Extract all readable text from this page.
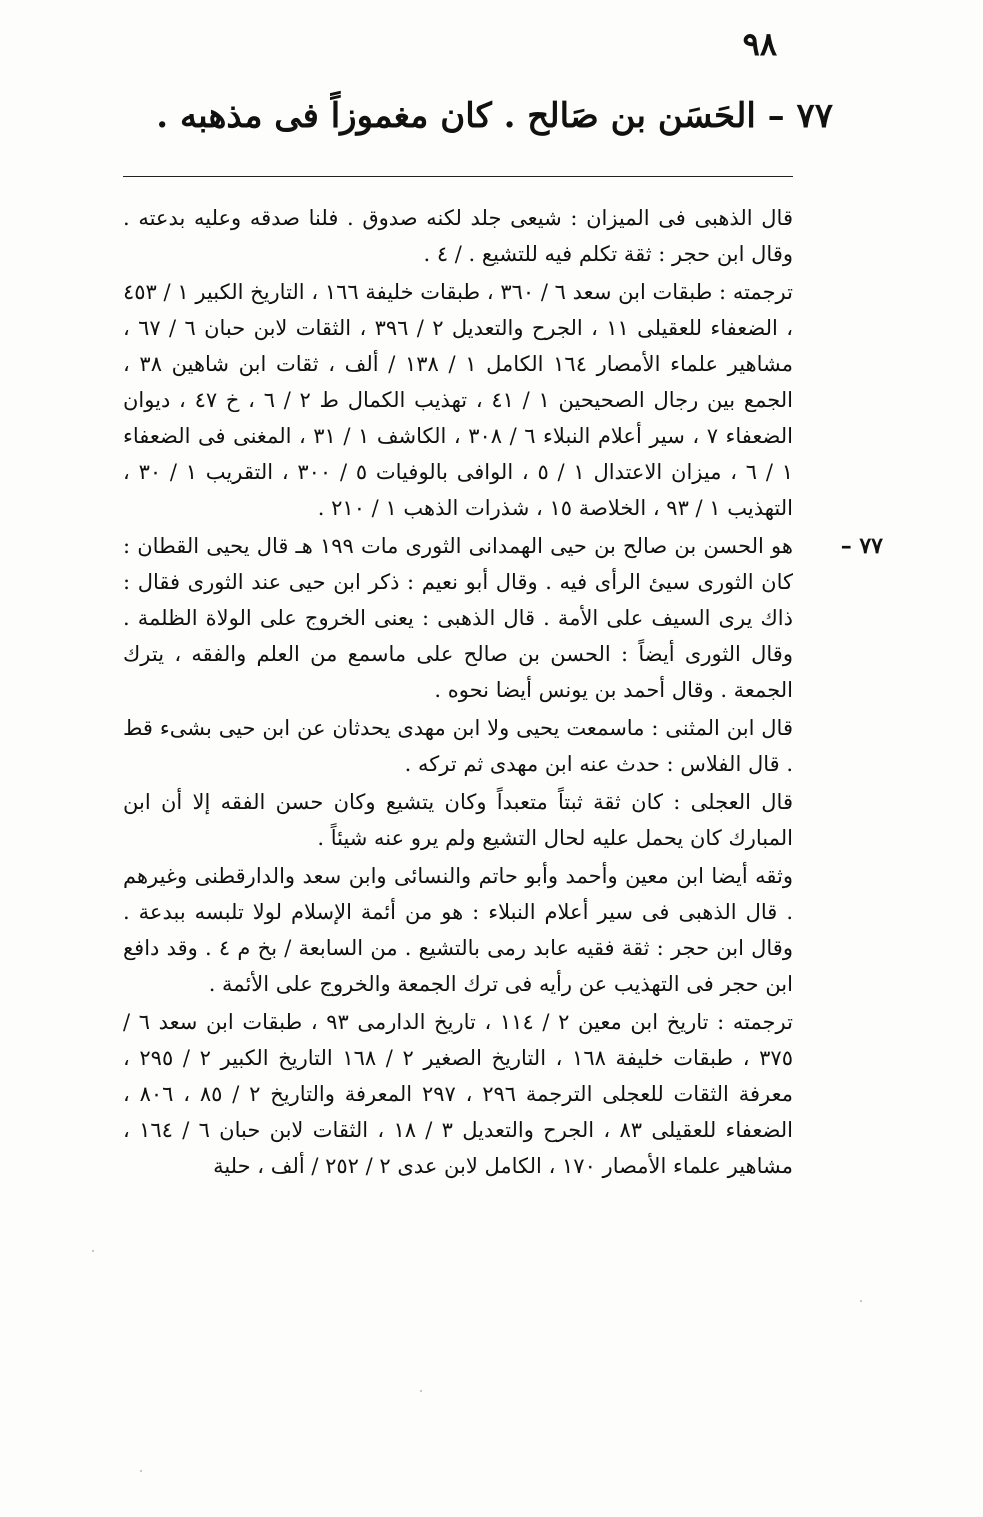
٩٨
٧٧ – الحَسَن بن صَالح . كان مغموزاً فى مذهبه .

قال الذهبى فى الميزان : شيعى جلد لكنه صدوق . فلنا صدقه وعليه بدعته . وقال ابن حجر : ثقة تكلم فيه للتشيع . / ٤ .

ترجمته : طبقات ابن سعد ٦ / ٣٦٠ ، طبقات خليفة ١٦٦ ، التاريخ الكبير ١ / ٤٥٣ ، الضعفاء للعقيلى ١١ ، الجرح والتعديل ٢ / ٣٩٦ ، الثقات لابن حبان ٦ / ٦٧ ، مشاهير علماء الأمصار ١٦٤ الكامل ١ / ١٣٨ / ألف ، ثقات ابن شاهين ٣٨ ، الجمع بين رجال الصحيحين ١ / ٤١ ، تهذيب الكمال ط ٢ / ٦ ، خ ٤٧ ، ديوان الضعفاء ٧ ، سير أعلام النبلاء ٦ / ٣٠٨ ، الكاشف ١ / ٣١ ، المغنى فى الضعفاء ١ / ٦ ، ميزان الاعتدال ١ / ٥ ، الوافى بالوفيات ٥ / ٣٠٠ ، التقريب ١ / ٣٠ ، التهذيب ١ / ٩٣ ، الخلاصة ١٥ ، شذرات الذهب ١ / ٢١٠ .

٧٧ –

هو الحسن بن صالح بن حيى الهمدانى الثورى مات ١٩٩ هـ قال يحيى القطان : كان الثورى سيئ الرأى فيه . وقال أبو نعيم : ذكر ابن حيى عند الثورى فقال : ذاك يرى السيف على الأمة . قال الذهبى : يعنى الخروج على الولاة الظلمة . وقال الثورى أيضاً : الحسن بن صالح على ماسمع من العلم والفقه ، يترك الجمعة . وقال أحمد بن يونس أيضا نحوه .

قال ابن المثنى : ماسمعت يحيى ولا ابن مهدى يحدثان عن ابن حيى بشىء قط . قال الفلاس : حدث عنه ابن مهدى ثم تركه .

قال العجلى : كان ثقة ثبتاً متعبداً وكان يتشيع وكان حسن الفقه إلا أن ابن المبارك كان يحمل عليه لحال التشيع ولم يرو عنه شيئاً .

وثقه أيضا ابن معين وأحمد وأبو حاتم والنسائى وابن سعد والدارقطنى وغيرهم . قال الذهبى فى سير أعلام النبلاء : هو من أئمة الإسلام لولا تلبسه ببدعة . وقال ابن حجر : ثقة فقيه عابد رمى بالتشيع . من السابعة / بخ م ٤ . وقد دافع ابن حجر فى التهذيب عن رأيه فى ترك الجمعة والخروج على الأئمة .

ترجمته : تاريخ ابن معين ٢ / ١١٤ ، تاريخ الدارمى ٩٣ ، طبقات ابن سعد ٦ / ٣٧٥ ، طبقات خليفة ١٦٨ ، التاريخ الصغير ٢ / ١٦٨ التاريخ الكبير ٢ / ٢٩٥ ، معرفة الثقات للعجلى الترجمة ٢٩٦ ، ٢٩٧ المعرفة والتاريخ ٢ / ٨٥ ، ٨٠٦ ، الضعفاء للعقيلى ٨٣ ، الجرح والتعديل ٣ / ١٨ ، الثقات لابن حبان ٦ / ١٦٤ ، مشاهير علماء الأمصار ١٧٠ ، الكامل لابن عدى ٢ / ٢٥٢ / ألف ، حلية
